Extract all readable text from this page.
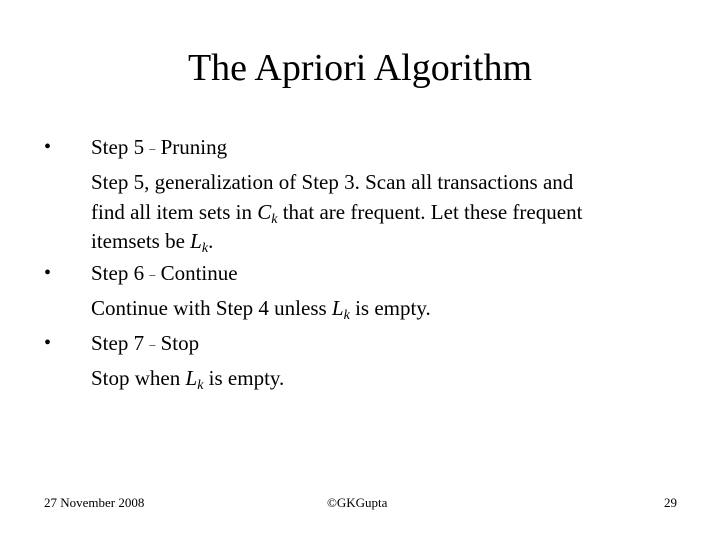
The Apriori Algorithm
•
•
•
Step 5 – Pruning
Step 5, generalization of Step 3. Scan all transactions and
find all item sets in $C_k$ that are frequent. Let these frequent
itemsets be $L_k$.
Step 6 – Continue
Continue with Step 4 unless $L_k$ is empty.
Step 7 – Stop
Stop when $L_k$ is empty.
27 November 2008	©GKGupta	29
